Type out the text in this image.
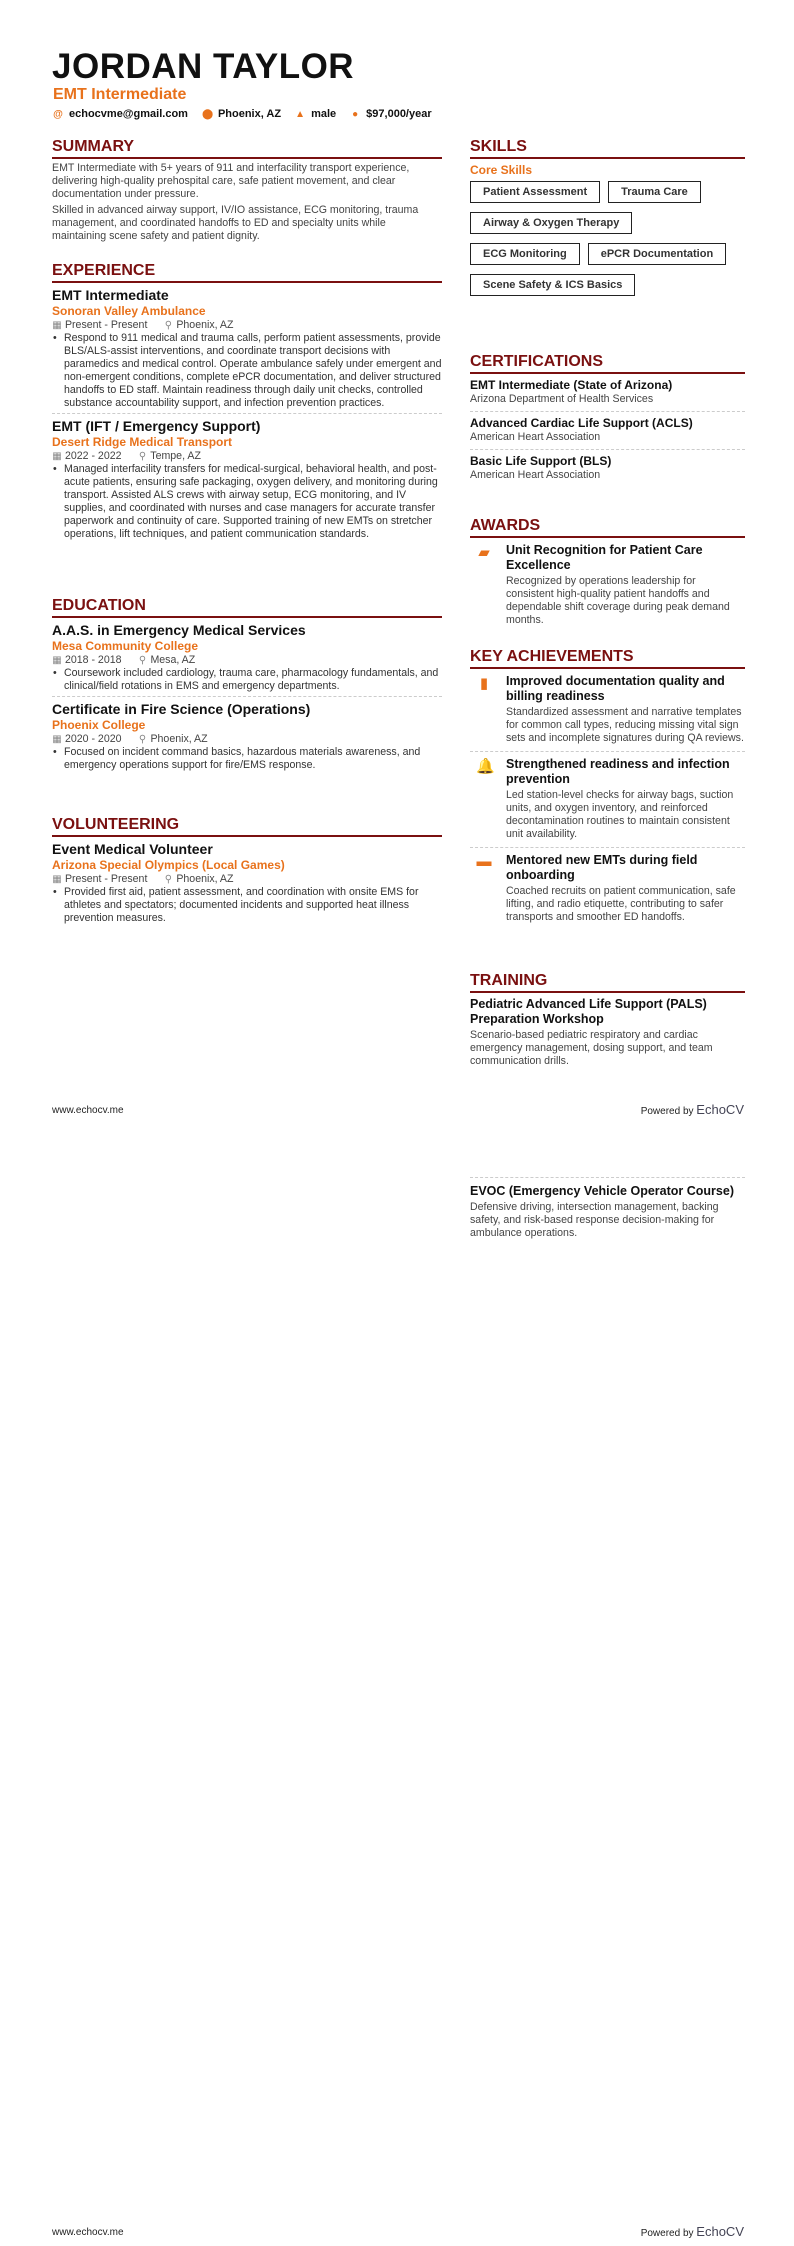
JORDAN TAYLOR
EMT Intermediate
@ echocvme@gmail.com ⬤ Phoenix, AZ ▲ male ● $97,000/year
SUMMARY
EMT Intermediate with 5+ years of 911 and interfacility transport experience, delivering high-quality prehospital care, safe patient movement, and clear documentation under pressure.
Skilled in advanced airway support, IV/IO assistance, ECG monitoring, trauma management, and coordinated handoffs to ED and specialty units while maintaining scene safety and patient dignity.
EXPERIENCE
EMT Intermediate
Sonoran Valley Ambulance
▦ Present - Present ⚲ Phoenix, AZ
• Respond to 911 medical and trauma calls, perform patient assessments, provide BLS/ALS-assist interventions, and coordinate transport decisions with paramedics and medical control. Operate ambulance safely under emergent and non-emergent conditions, complete ePCR documentation, and deliver structured handoffs to ED staff. Maintain readiness through daily unit checks, controlled substance accountability support, and infection prevention practices.
EMT (IFT / Emergency Support)
Desert Ridge Medical Transport
▦ 2022 - 2022 ⚲ Tempe, AZ
• Managed interfacility transfers for medical-surgical, behavioral health, and post-acute patients, ensuring safe packaging, oxygen delivery, and monitoring during transport. Assisted ALS crews with airway setup, ECG monitoring, and IV supplies, and coordinated with nurses and case managers for accurate transfer paperwork and continuity of care. Supported training of new EMTs on stretcher operations, lift techniques, and patient communication standards.
EDUCATION
A.A.S. in Emergency Medical Services
Mesa Community College
▦ 2018 - 2018 ⚲ Mesa, AZ
• Coursework included cardiology, trauma care, pharmacology fundamentals, and clinical/field rotations in EMS and emergency departments.
Certificate in Fire Science (Operations)
Phoenix College
▦ 2020 - 2020 ⚲ Phoenix, AZ
• Focused on incident command basics, hazardous materials awareness, and emergency operations support for fire/EMS response.
VOLUNTEERING
Event Medical Volunteer
Arizona Special Olympics (Local Games)
▦ Present - Present ⚲ Phoenix, AZ
• Provided first aid, patient assessment, and coordination with onsite EMS for athletes and spectators; documented incidents and supported heat illness prevention measures.
SKILLS
Core Skills
Patient Assessment	Trauma Care
Airway & Oxygen Therapy
ECG Monitoring	ePCR Documentation
Scene Safety & ICS Basics
CERTIFICATIONS
EMT Intermediate (State of Arizona)
Arizona Department of Health Services
Advanced Cardiac Life Support (ACLS)
American Heart Association
Basic Life Support (BLS)
American Heart Association
AWARDS
▰ Unit Recognition for Patient Care Excellence
Recognized by operations leadership for consistent high-quality patient handoffs and dependable shift coverage during peak demand months.
KEY ACHIEVEMENTS
▮	Improved documentation quality and billing readiness
Standardized assessment and narrative templates for common call types, reducing missing vital sign sets and incomplete signatures during QA reviews.
🔔 Strengthened readiness and infection prevention
Led station-level checks for airway bags, suction units, and oxygen inventory, and reinforced decontamination routines to maintain consistent unit availability.
▬ Mentored new EMTs during field onboarding
Coached recruits on patient communication, safe lifting, and radio etiquette, contributing to safer transports and smoother ED handoffs.
TRAINING
Pediatric Advanced Life Support (PALS) Preparation Workshop
Scenario-based pediatric respiratory and cardiac emergency management, dosing support, and team communication drills.
EVOC (Emergency Vehicle Operator Course)
Defensive driving, intersection management, backing safety, and risk-based response decision-making for ambulance operations.
www.echocv.me	Powered by EchoCV
www.echocv.me	Powered by EchoCV
